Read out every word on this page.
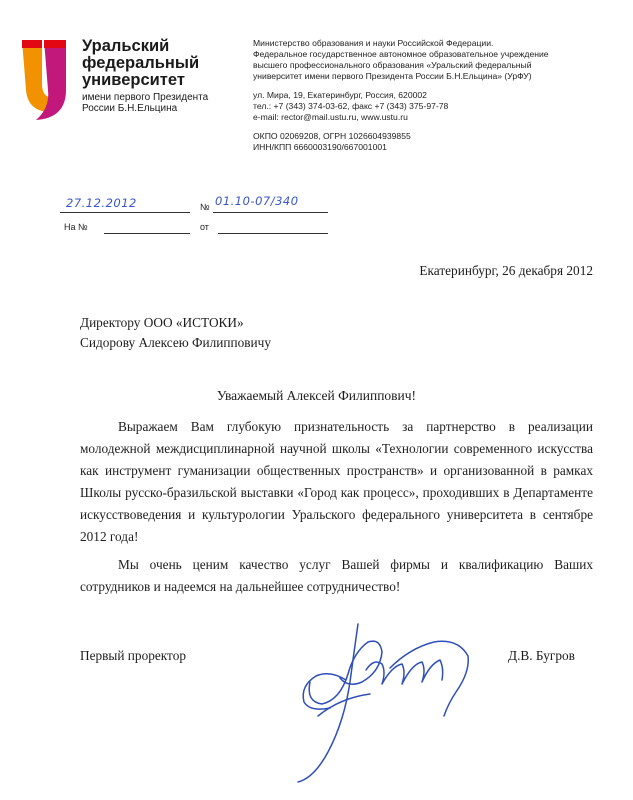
Уральский
федеральный
университет
имени первого Президента
России Б.Н.Ельцина
Министерство образования и науки Российской Федерации.
Федеральное государственное автономное образовательное учреждение
высшего профессионального образования «Уральский федеральный
университет имени первого Президента России Б.Н.Ельцина» (УрФУ)
ул. Мира, 19, Екатеринбург, Россия, 620002
тел.: +7 (343) 374-03-62, факс +7 (343) 375-97-78
e-mail: rector@mail.ustu.ru, www.ustu.ru
ОКПО 02069208, ОГРН 1026604939855
ИНН/КПП 6660003190/667001001
27.12.2012	№ 01.10-07/340
На №	от
Екатеринбург, 26 декабря 2012
Директору ООО «ИСТОКИ»
Сидорову Алексею Филипповичу
Уважаемый Алексей Филиппович!
Выражаем Вам глубокую признательность за партнерство в реализации
молодежной междисциплинарной научной школы «Технологии современного искусства
как инструмент гуманизации общественных пространств» и организованной в рамках
Школы русско-бразильской выставки «Город как процесс», проходивших в Департаменте
искусствоведения и культурологии Уральского федерального университета в сентябре
2012 года!
Мы очень ценим качество услуг Вашей фирмы и квалификацию Ваших
сотрудников и надеемся на дальнейшее сотрудничество!
Первый проректор	Д.В. Бугров
